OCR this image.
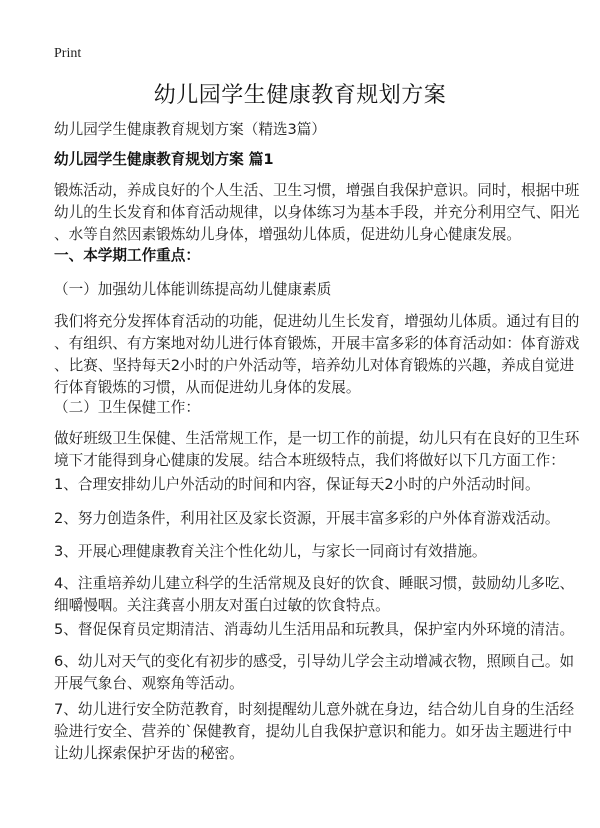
Print
幼儿园学生健康教育规划方案
幼儿园学生健康教育规划方案（精选3篇）
幼儿园学生健康教育规划方案 篇1
锻炼活动，养成良好的个人生活、卫生习惯，增强自我保护意识。同时，根据中班
幼儿的生长发育和体育活动规律，以身体练习为基本手段，并充分利用空气、阳光
、水等自然因素锻炼幼儿身体，增强幼儿体质，促进幼儿身心健康发展。
一、本学期工作重点：
（一）加强幼儿体能训练提高幼儿健康素质
我们将充分发挥体育活动的功能，促进幼儿生长发育，增强幼儿体质。通过有目的
、有组织、有方案地对幼儿进行体育锻炼，开展丰富多彩的体育活动如：体育游戏
、比赛、坚持每天2小时的户外活动等，培养幼儿对体育锻炼的兴趣，养成自觉进
行体育锻炼的习惯，从而促进幼儿身体的发展。
（二）卫生保健工作：
做好班级卫生保健、生活常规工作，是一切工作的前提，幼儿只有在良好的卫生环
境下才能得到身心健康的发展。结合本班级特点，我们将做好以下几方面工作：
1、合理安排幼儿户外活动的时间和内容，保证每天2小时的户外活动时间。
2、努力创造条件，利用社区及家长资源，开展丰富多彩的户外体育游戏活动。
3、开展心理健康教育关注个性化幼儿，与家长一同商讨有效措施。
4、注重培养幼儿建立科学的生活常规及良好的饮食、睡眠习惯，鼓励幼儿多吃、
细嚼慢咽。关注龚喜小朋友对蛋白过敏的饮食特点。
5、督促保育员定期清洁、消毒幼儿生活用品和玩教具，保护室内外环境的清洁。
6、幼儿对天气的变化有初步的感受，引导幼儿学会主动增减衣物，照顾自己。如
开展气象台、观察角等活动。
7、幼儿进行安全防范教育，时刻提醒幼儿意外就在身边，结合幼儿自身的生活经
验进行安全、营养的`保健教育，提幼儿自我保护意识和能力。如牙齿主题进行中
让幼儿探索保护牙齿的秘密。
